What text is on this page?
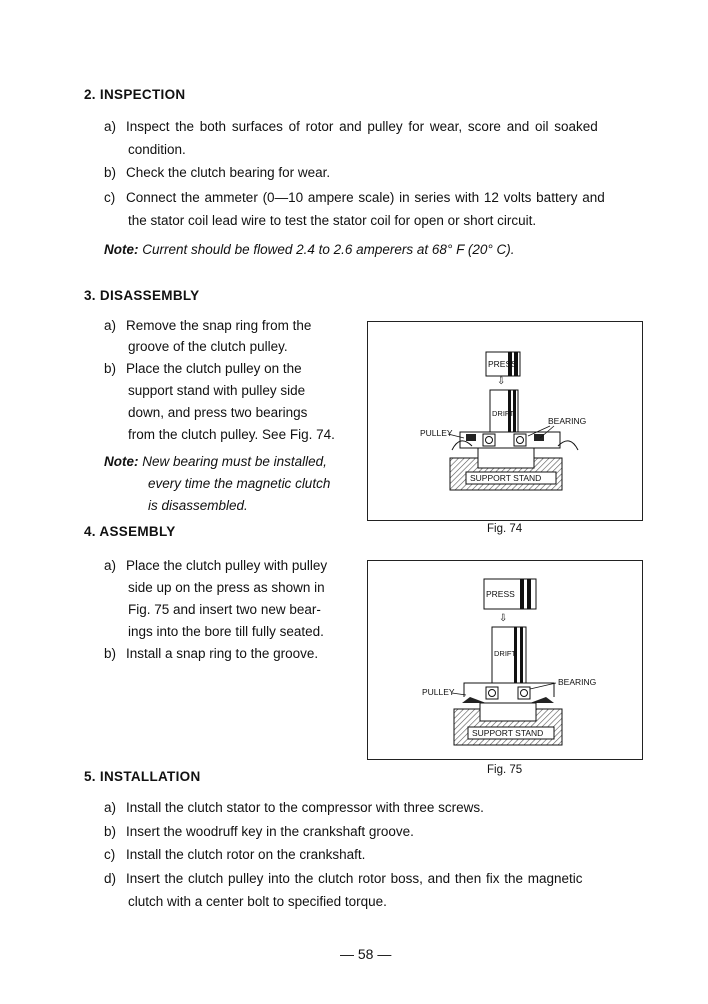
2. INSPECTION
a) Inspect the both surfaces of rotor and pulley for wear, score and oil soaked
condition.
b) Check the clutch bearing for wear.
c) Connect the ammeter (0—10 ampere scale) in series with 12 volts battery and
the stator coil lead wire to test the stator coil for open or short circuit.
Note: Current should be flowed 2.4 to 2.6 amperers at 68° F (20° C).
3. DISASSEMBLY
a) Remove the snap ring from the
groove of the clutch pulley.
b) Place the clutch pulley on the
support stand with pulley side
down, and press two bearings
from the clutch pulley. See Fig. 74.
Note: New bearing must be installed,
every time the magnetic clutch
is disassembled.
PRESS
⇩
DRIFT
SUPPORT STAND
BEARING
PULLEY
Fig. 74
4. ASSEMBLY
a) Place the clutch pulley with pulley
side up on the press as shown in
Fig. 75 and insert two new bear-
ings into the bore till fully seated.
b) Install a snap ring to the groove.
PRESS
⇩
DRIFT
SUPPORT STAND
BEARING
PULLEY
Fig. 75
5. INSTALLATION
a) Install the clutch stator to the compressor with three screws.
b) Insert the woodruff key in the crankshaft groove.
c) Install the clutch rotor on the crankshaft.
d) Insert the clutch pulley into the clutch rotor boss, and then fix the magnetic
clutch with a center bolt to specified torque.
— 58 —
